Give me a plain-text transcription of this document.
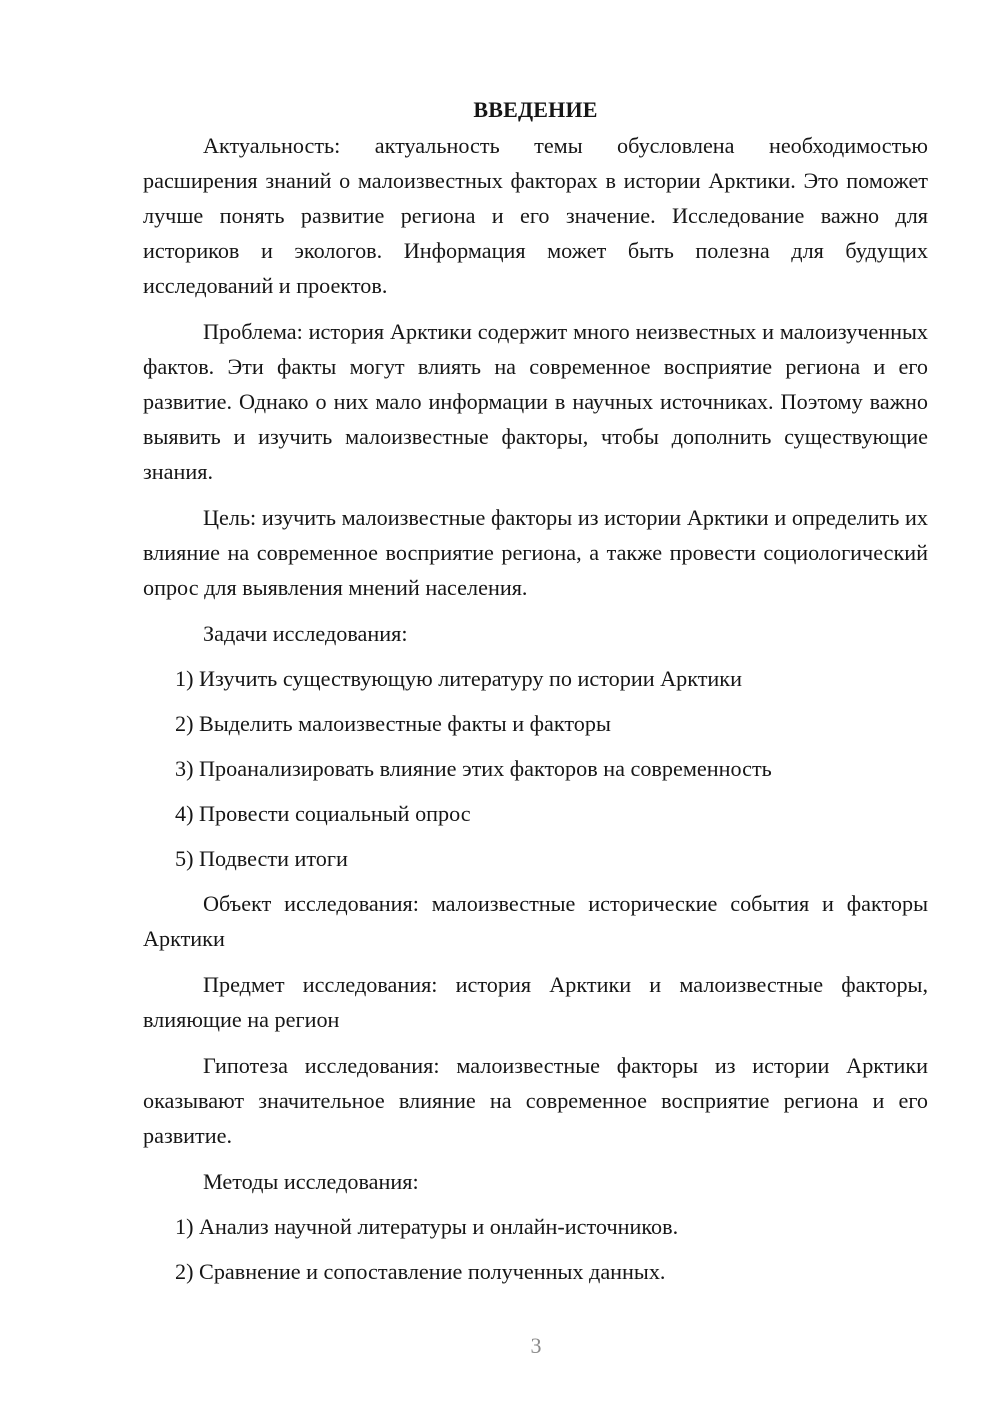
ВВЕДЕНИЕ

Актуальность: актуальность темы обусловлена необходимостью расширения знаний о малоизвестных факторах в истории Арктики. Это поможет лучше понять развитие региона и его значение. Исследование важно для историков и экологов. Информация может быть полезна для будущих исследований и проектов.

Проблема: история Арктики содержит много неизвестных и малоизученных фактов. Эти факты могут влиять на современное восприятие региона и его развитие. Однако о них мало информации в научных источниках. Поэтому важно выявить и изучить малоизвестные факторы, чтобы дополнить существующие знания.

Цель: изучить малоизвестные факторы из истории Арктики и определить их влияние на современное восприятие региона, а также провести социологический опрос для выявления мнений населения.

Задачи исследования:

1) Изучить существующую литературу по истории Арктики
2) Выделить малоизвестные факты и факторы
3) Проанализировать влияние этих факторов на современность
4) Провести социальный опрос
5) Подвести итоги

Объект исследования: малоизвестные исторические события и факторы Арктики

Предмет исследования: история Арктики и малоизвестные факторы, влияющие на регион

Гипотеза исследования: малоизвестные факторы из истории Арктики оказывают значительное влияние на современное восприятие региона и его развитие.

Методы исследования:

1) Анализ научной литературы и онлайн-источников.
2) Сравнение и сопоставление полученных данных.
3
